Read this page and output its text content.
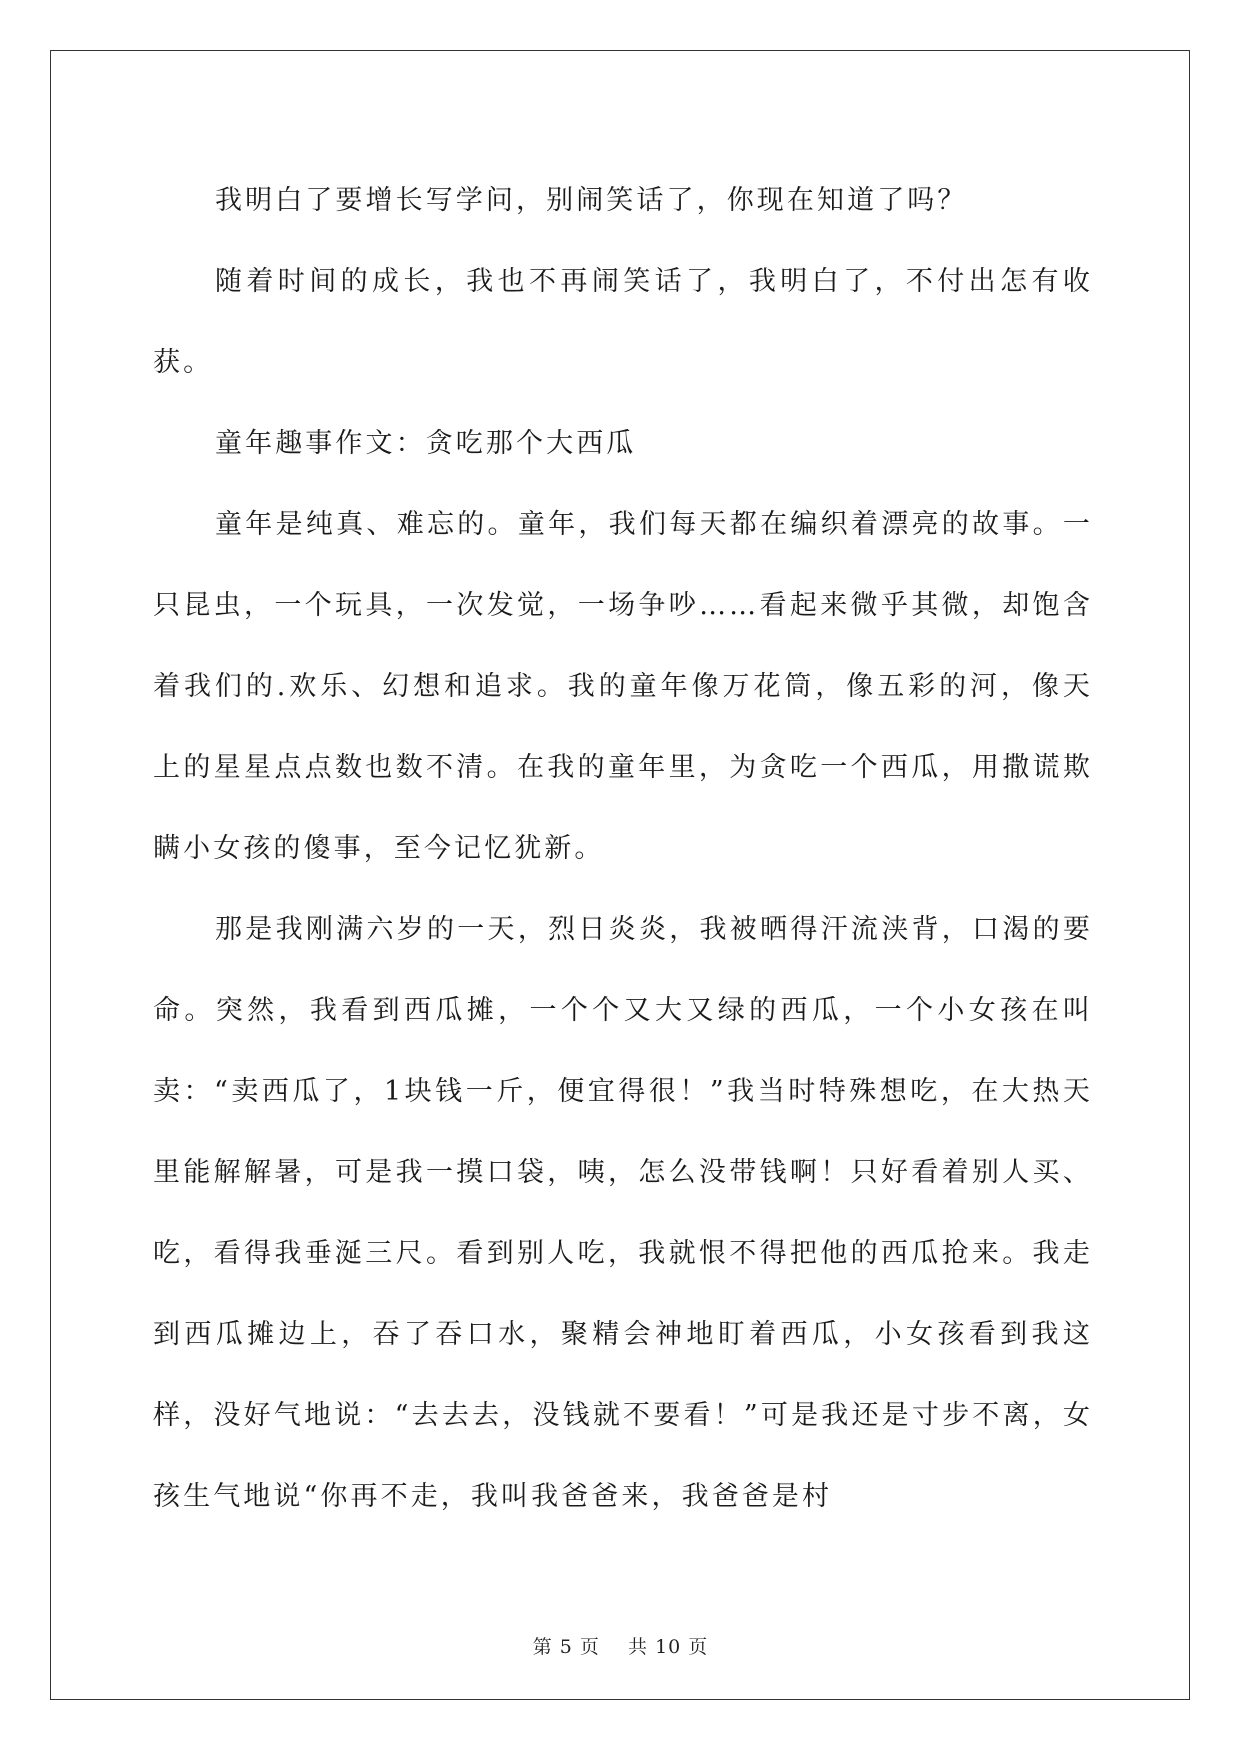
我明白了要增长写学问，别闹笑话了，你现在知道了吗？

随着时间的成长，我也不再闹笑话了，我明白了，不付出怎有收获。

童年趣事作文：贪吃那个大西瓜

童年是纯真、难忘的。童年，我们每天都在编织着漂亮的故事。一只昆虫，一个玩具，一次发觉，一场争吵……看起来微乎其微，却饱含着我们的.欢乐、幻想和追求。我的童年像万花筒，像五彩的河，像天上的星星点点数也数不清。在我的童年里，为贪吃一个西瓜，用撒谎欺瞒小女孩的傻事，至今记忆犹新。

那是我刚满六岁的一天，烈日炎炎，我被晒得汗流浃背，口渴的要命。突然，我看到西瓜摊，一个个又大又绿的西瓜，一个小女孩在叫卖：“卖西瓜了，1块钱一斤，便宜得很！”我当时特殊想吃，在大热天里能解解暑，可是我一摸口袋，咦，怎么没带钱啊！只好看着别人买、吃，看得我垂涎三尺。看到别人吃，我就恨不得把他的西瓜抢来。我走到西瓜摊边上，吞了吞口水，聚精会神地盯着西瓜，小女孩看到我这样，没好气地说：“去去去，没钱就不要看！”可是我还是寸步不离，女孩生气地说“你再不走，我叫我爸爸来，我爸爸是村

第 5 页 共 10 页
